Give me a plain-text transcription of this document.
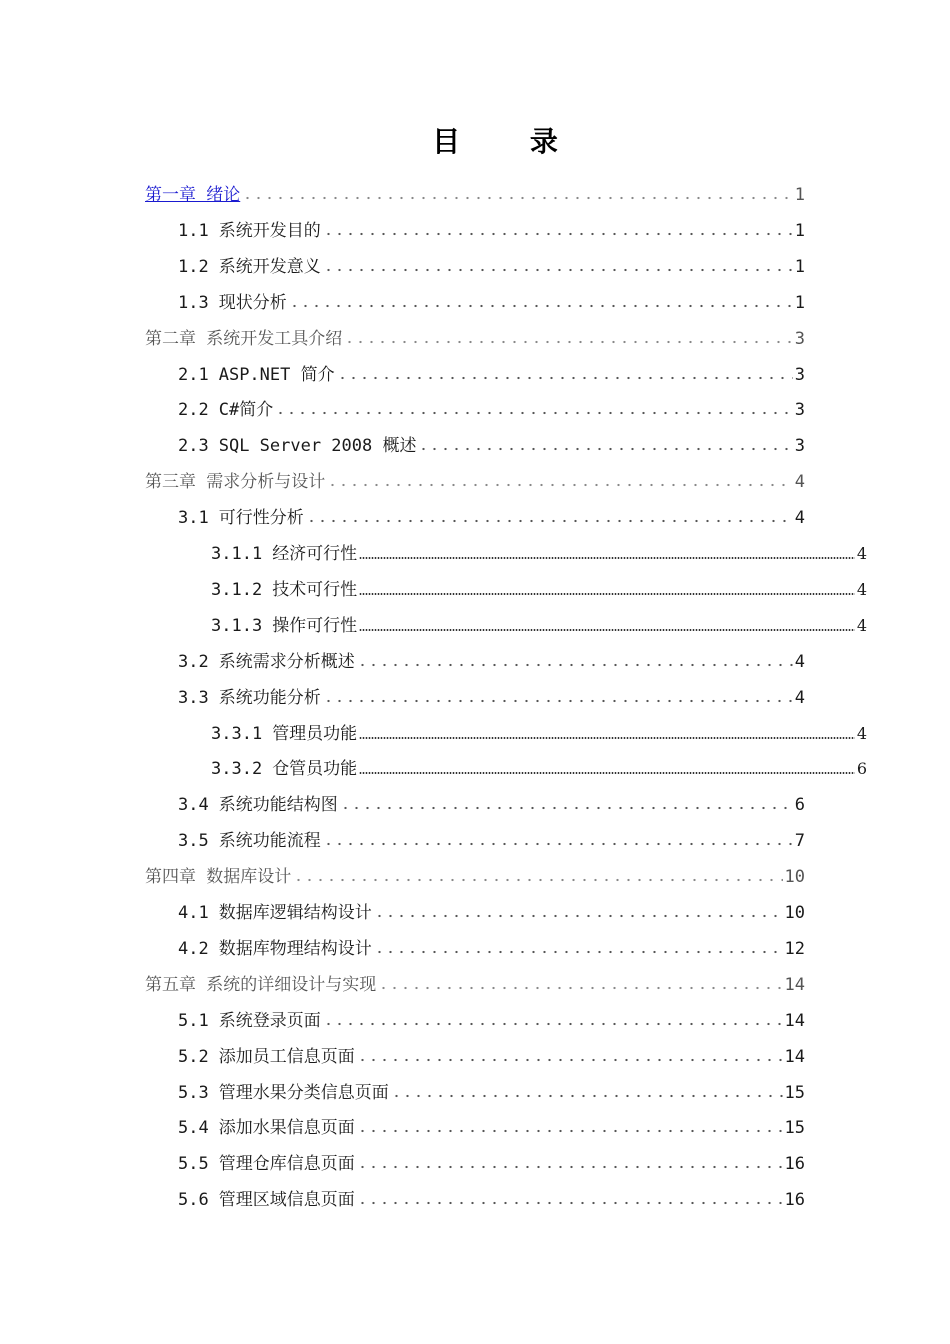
目 录
第一章 绪论	1
1.1 系统开发目的	1
1.2 系统开发意义	1
1.3 现状分析	1
第二章 系统开发工具介绍	3
2.1 ASP.NET 简介	3
2.2 C#简介	3
2.3 SQL Server 2008 概述	3
第三章 需求分析与设计	4
3.1 可行性分析	4
3.1.1 经济可行性	4
3.1.2 技术可行性	4
3.1.3 操作可行性	4
3.2 系统需求分析概述	4
3.3 系统功能分析	4
3.3.1 管理员功能	4
3.3.2 仓管员功能	6
3.4 系统功能结构图	6
3.5 系统功能流程	7
第四章 数据库设计	10
4.1 数据库逻辑结构设计	10
4.2 数据库物理结构设计	12
第五章 系统的详细设计与实现	14
5.1 系统登录页面	14
5.2 添加员工信息页面	14
5.3 管理水果分类信息页面	15
5.4 添加水果信息页面	15
5.5 管理仓库信息页面	16
5.6 管理区域信息页面	16
